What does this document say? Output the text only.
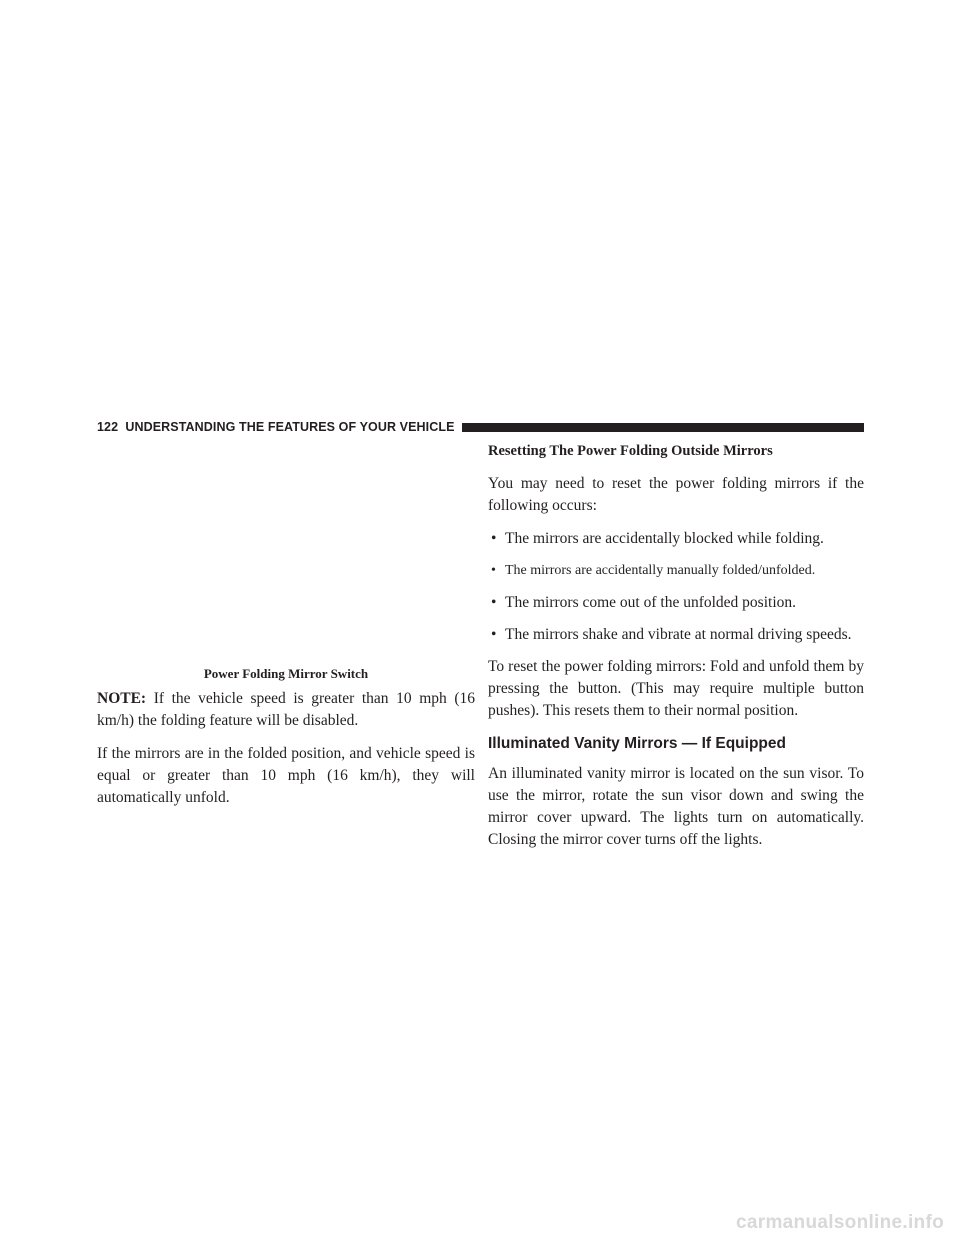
122 UNDERSTANDING THE FEATURES OF YOUR VEHICLE
Power Folding Mirror Switch

NOTE: If the vehicle speed is greater than 10 mph (16 km/h) the folding feature will be disabled.

If the mirrors are in the folded position, and vehicle speed is equal or greater than 10 mph (16 km/h), they will automatically unfold.

Resetting The Power Folding Outside Mirrors

You may need to reset the power folding mirrors if the following occurs:

• The mirrors are accidentally blocked while folding.
• The mirrors are accidentally manually folded/unfolded.
• The mirrors come out of the unfolded position.
• The mirrors shake and vibrate at normal driving speeds.

To reset the power folding mirrors: Fold and unfold them by pressing the button. (This may require multiple button pushes). This resets them to their normal position.

Illuminated Vanity Mirrors — If Equipped

An illuminated vanity mirror is located on the sun visor. To use the mirror, rotate the sun visor down and swing the mirror cover upward. The lights turn on automatically. Closing the mirror cover turns off the lights.

carmanualsonline.info
